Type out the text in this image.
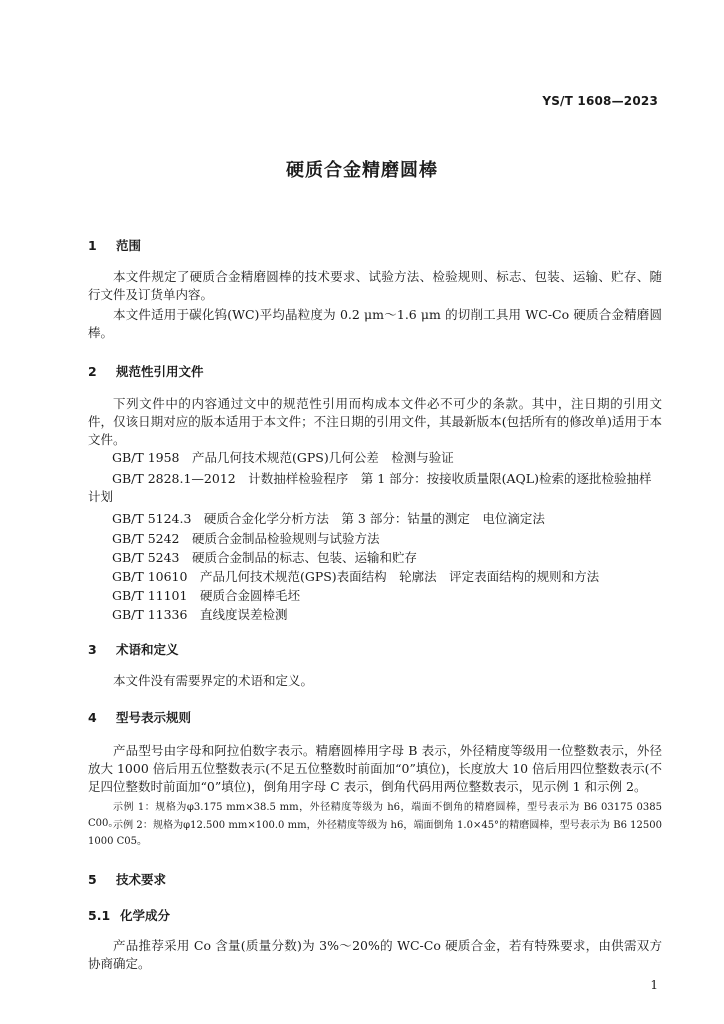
YS/T 1608—2023
硬质合金精磨圆棒
1 范围

本文件规定了硬质合金精磨圆棒的技术要求、试验方法、检验规则、标志、包装、运输、贮存、随行文件及订货单内容。

本文件适用于碳化钨(WC)平均晶粒度为 0.2 μm～1.6 μm 的切削工具用 WC-Co 硬质合金精磨圆棒。

2 规范性引用文件

下列文件中的内容通过文中的规范性引用而构成本文件必不可少的条款。其中，注日期的引用文件，仅该日期对应的版本适用于本文件；不注日期的引用文件，其最新版本(包括所有的修改单)适用于本文件。

GB/T 1958　产品几何技术规范(GPS)几何公差　检测与验证

GB/T 2828.1—2012　计数抽样检验程序　第 1 部分：按接收质量限(AQL)检索的逐批检验抽样计划

GB/T 5124.3　硬质合金化学分析方法　第 3 部分：钴量的测定　电位滴定法

GB/T 5242　硬质合金制品检验规则与试验方法

GB/T 5243　硬质合金制品的标志、包装、运输和贮存

GB/T 10610　产品几何技术规范(GPS)表面结构　轮廓法　评定表面结构的规则和方法

GB/T 11101　硬质合金圆棒毛坯

GB/T 11336　直线度误差检测

3 术语和定义

本文件没有需要界定的术语和定义。

4 型号表示规则

产品型号由字母和阿拉伯数字表示。精磨圆棒用字母 B 表示，外径精度等级用一位整数表示，外径放大 1000 倍后用五位整数表示(不足五位整数时前面加“0”填位)，长度放大 10 倍后用四位整数表示(不足四位整数时前面加“0”填位)，倒角用字母 C 表示，倒角代码用两位整数表示，见示例 1 和示例 2。

示例 1：规格为φ3.175 mm×38.5 mm，外径精度等级为 h6，端面不倒角的精磨圆棒，型号表示为 B6 03175 0385 C00。

示例 2：规格为φ12.500 mm×100.0 mm，外径精度等级为 h6，端面倒角 1.0×45°的精磨圆棒，型号表示为 B6 12500 1000 C05。

5 技术要求
5.1 化学成分

产品推荐采用 Co 含量(质量分数)为 3%～20%的 WC-Co 硬质合金，若有特殊要求，由供需双方协商确定。

1
